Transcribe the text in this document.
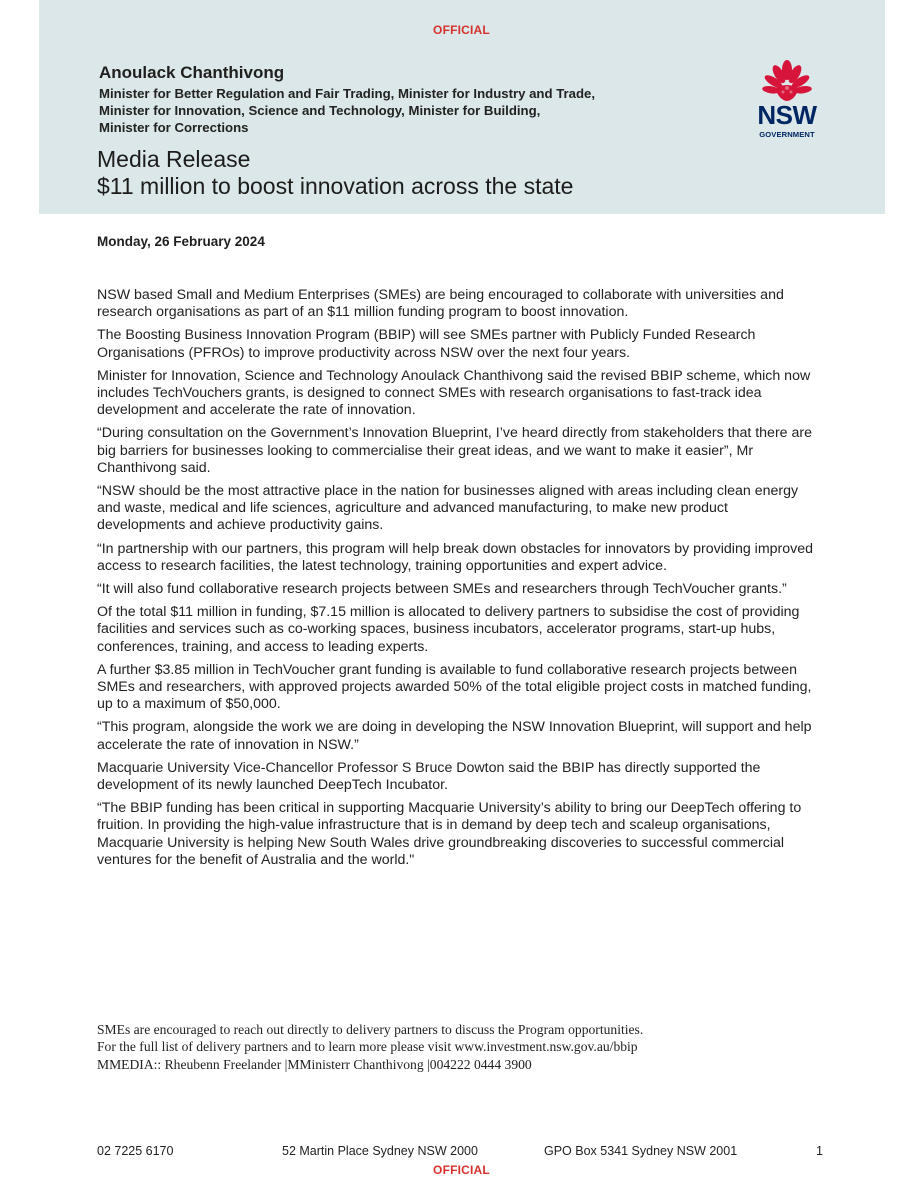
OFFICIAL
Anoulack Chanthivong
Minister for Better Regulation and Fair Trading, Minister for Industry and Trade,
Minister for Innovation, Science and Technology, Minister for Building,
Minister for Corrections
Media Release
$11 million to boost innovation across the state
NSW
GOVERNMENT
Monday, 26 February 2024

NSW based Small and Medium Enterprises (SMEs) are being encouraged to collaborate with universities and research organisations as part of an $11 million funding program to boost innovation.

The Boosting Business Innovation Program (BBIP) will see SMEs partner with Publicly Funded Research Organisations (PFROs) to improve productivity across NSW over the next four years.

Minister for Innovation, Science and Technology Anoulack Chanthivong said the revised BBIP scheme, which now includes TechVouchers grants, is designed to connect SMEs with research organisations to fast-track idea development and accelerate the rate of innovation.

“During consultation on the Government’s Innovation Blueprint, I’ve heard directly from stakeholders that there are big barriers for businesses looking to commercialise their great ideas, and we want to make it easier”, Mr Chanthivong said.

“NSW should be the most attractive place in the nation for businesses aligned with areas including clean energy and waste, medical and life sciences, agriculture and advanced manufacturing, to make new product developments and achieve productivity gains.

“In partnership with our partners, this program will help break down obstacles for innovators by providing improved access to research facilities, the latest technology, training opportunities and expert advice.

“It will also fund collaborative research projects between SMEs and researchers through TechVoucher grants.”

Of the total $11 million in funding, $7.15 million is allocated to delivery partners to subsidise the cost of providing facilities and services such as co-working spaces, business incubators, accelerator programs, start-up hubs, conferences, training, and access to leading experts.

A further $3.85 million in TechVoucher grant funding is available to fund collaborative research projects between SMEs and researchers, with approved projects awarded 50% of the total eligible project costs in matched funding, up to a maximum of $50,000.

“This program, alongside the work we are doing in developing the NSW Innovation Blueprint, will support and help accelerate the rate of innovation in NSW.”

Macquarie University Vice-Chancellor Professor S Bruce Dowton said the BBIP has directly supported the development of its newly launched DeepTech Incubator.

“The BBIP funding has been critical in supporting Macquarie University’s ability to bring our DeepTech offering to fruition. In providing the high-value infrastructure that is in demand by deep tech and scaleup organisations, Macquarie University is helping New South Wales drive groundbreaking discoveries to successful commercial ventures for the benefit of Australia and the world."

SMEs are encouraged to reach out directly to delivery partners to discuss the Program opportunities.
For the full list of delivery partners and to learn more please visit www.investment.nsw.gov.au/bbip
MMEDIA:: Rheubenn Freelander |MMinisterr Chanthivong |004222 0444 3900
02 7225 6170	52 Martin Place Sydney NSW 2000	GPO Box 5341 Sydney NSW 2001	1
OFFICIAL
